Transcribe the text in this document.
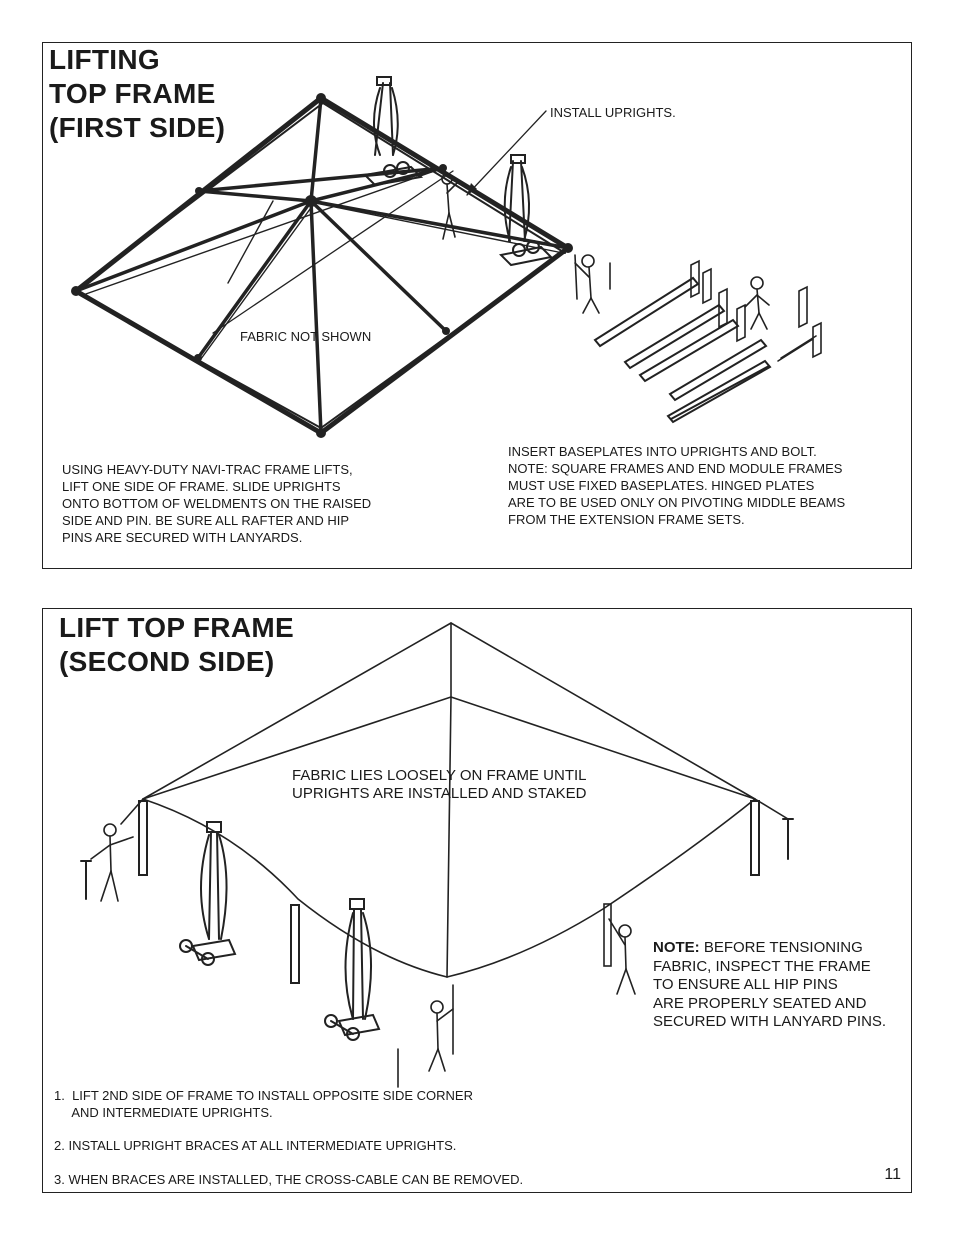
LIFTING
TOP FRAME
(FIRST SIDE)	INSTALL UPRIGHTS.
FABRIC NOT SHOWN
USING HEAVY-DUTY NAVI-TRAC FRAME LIFTS,
LIFT ONE SIDE OF FRAME. SLIDE UPRIGHTS
ONTO BOTTOM OF WELDMENTS ON THE RAISED
SIDE AND PIN. BE SURE ALL RAFTER AND HIP
PINS ARE SECURED WITH LANYARDS.
INSERT BASEPLATES INTO UPRIGHTS AND BOLT.
NOTE: SQUARE FRAMES AND END MODULE FRAMES
MUST USE FIXED BASEPLATES. HINGED PLATES
ARE TO BE USED ONLY ON PIVOTING MIDDLE BEAMS
FROM THE EXTENSION FRAME SETS.
LIFT TOP FRAME
(SECOND SIDE)
FABRIC LIES LOOSELY ON FRAME UNTIL
UPRIGHTS ARE INSTALLED AND STAKED
NOTE: BEFORE TENSIONING
FABRIC, INSPECT THE FRAME
TO ENSURE ALL HIP PINS
ARE PROPERLY SEATED AND
SECURED WITH LANYARD PINS.
1.  LIFT 2ND SIDE OF FRAME TO INSTALL OPPOSITE SIDE CORNER
AND INTERMEDIATE UPRIGHTS.
2. INSTALL UPRIGHT BRACES AT ALL INTERMEDIATE UPRIGHTS.
3. WHEN BRACES ARE INSTALLED, THE CROSS-CABLE CAN BE REMOVED.	11
